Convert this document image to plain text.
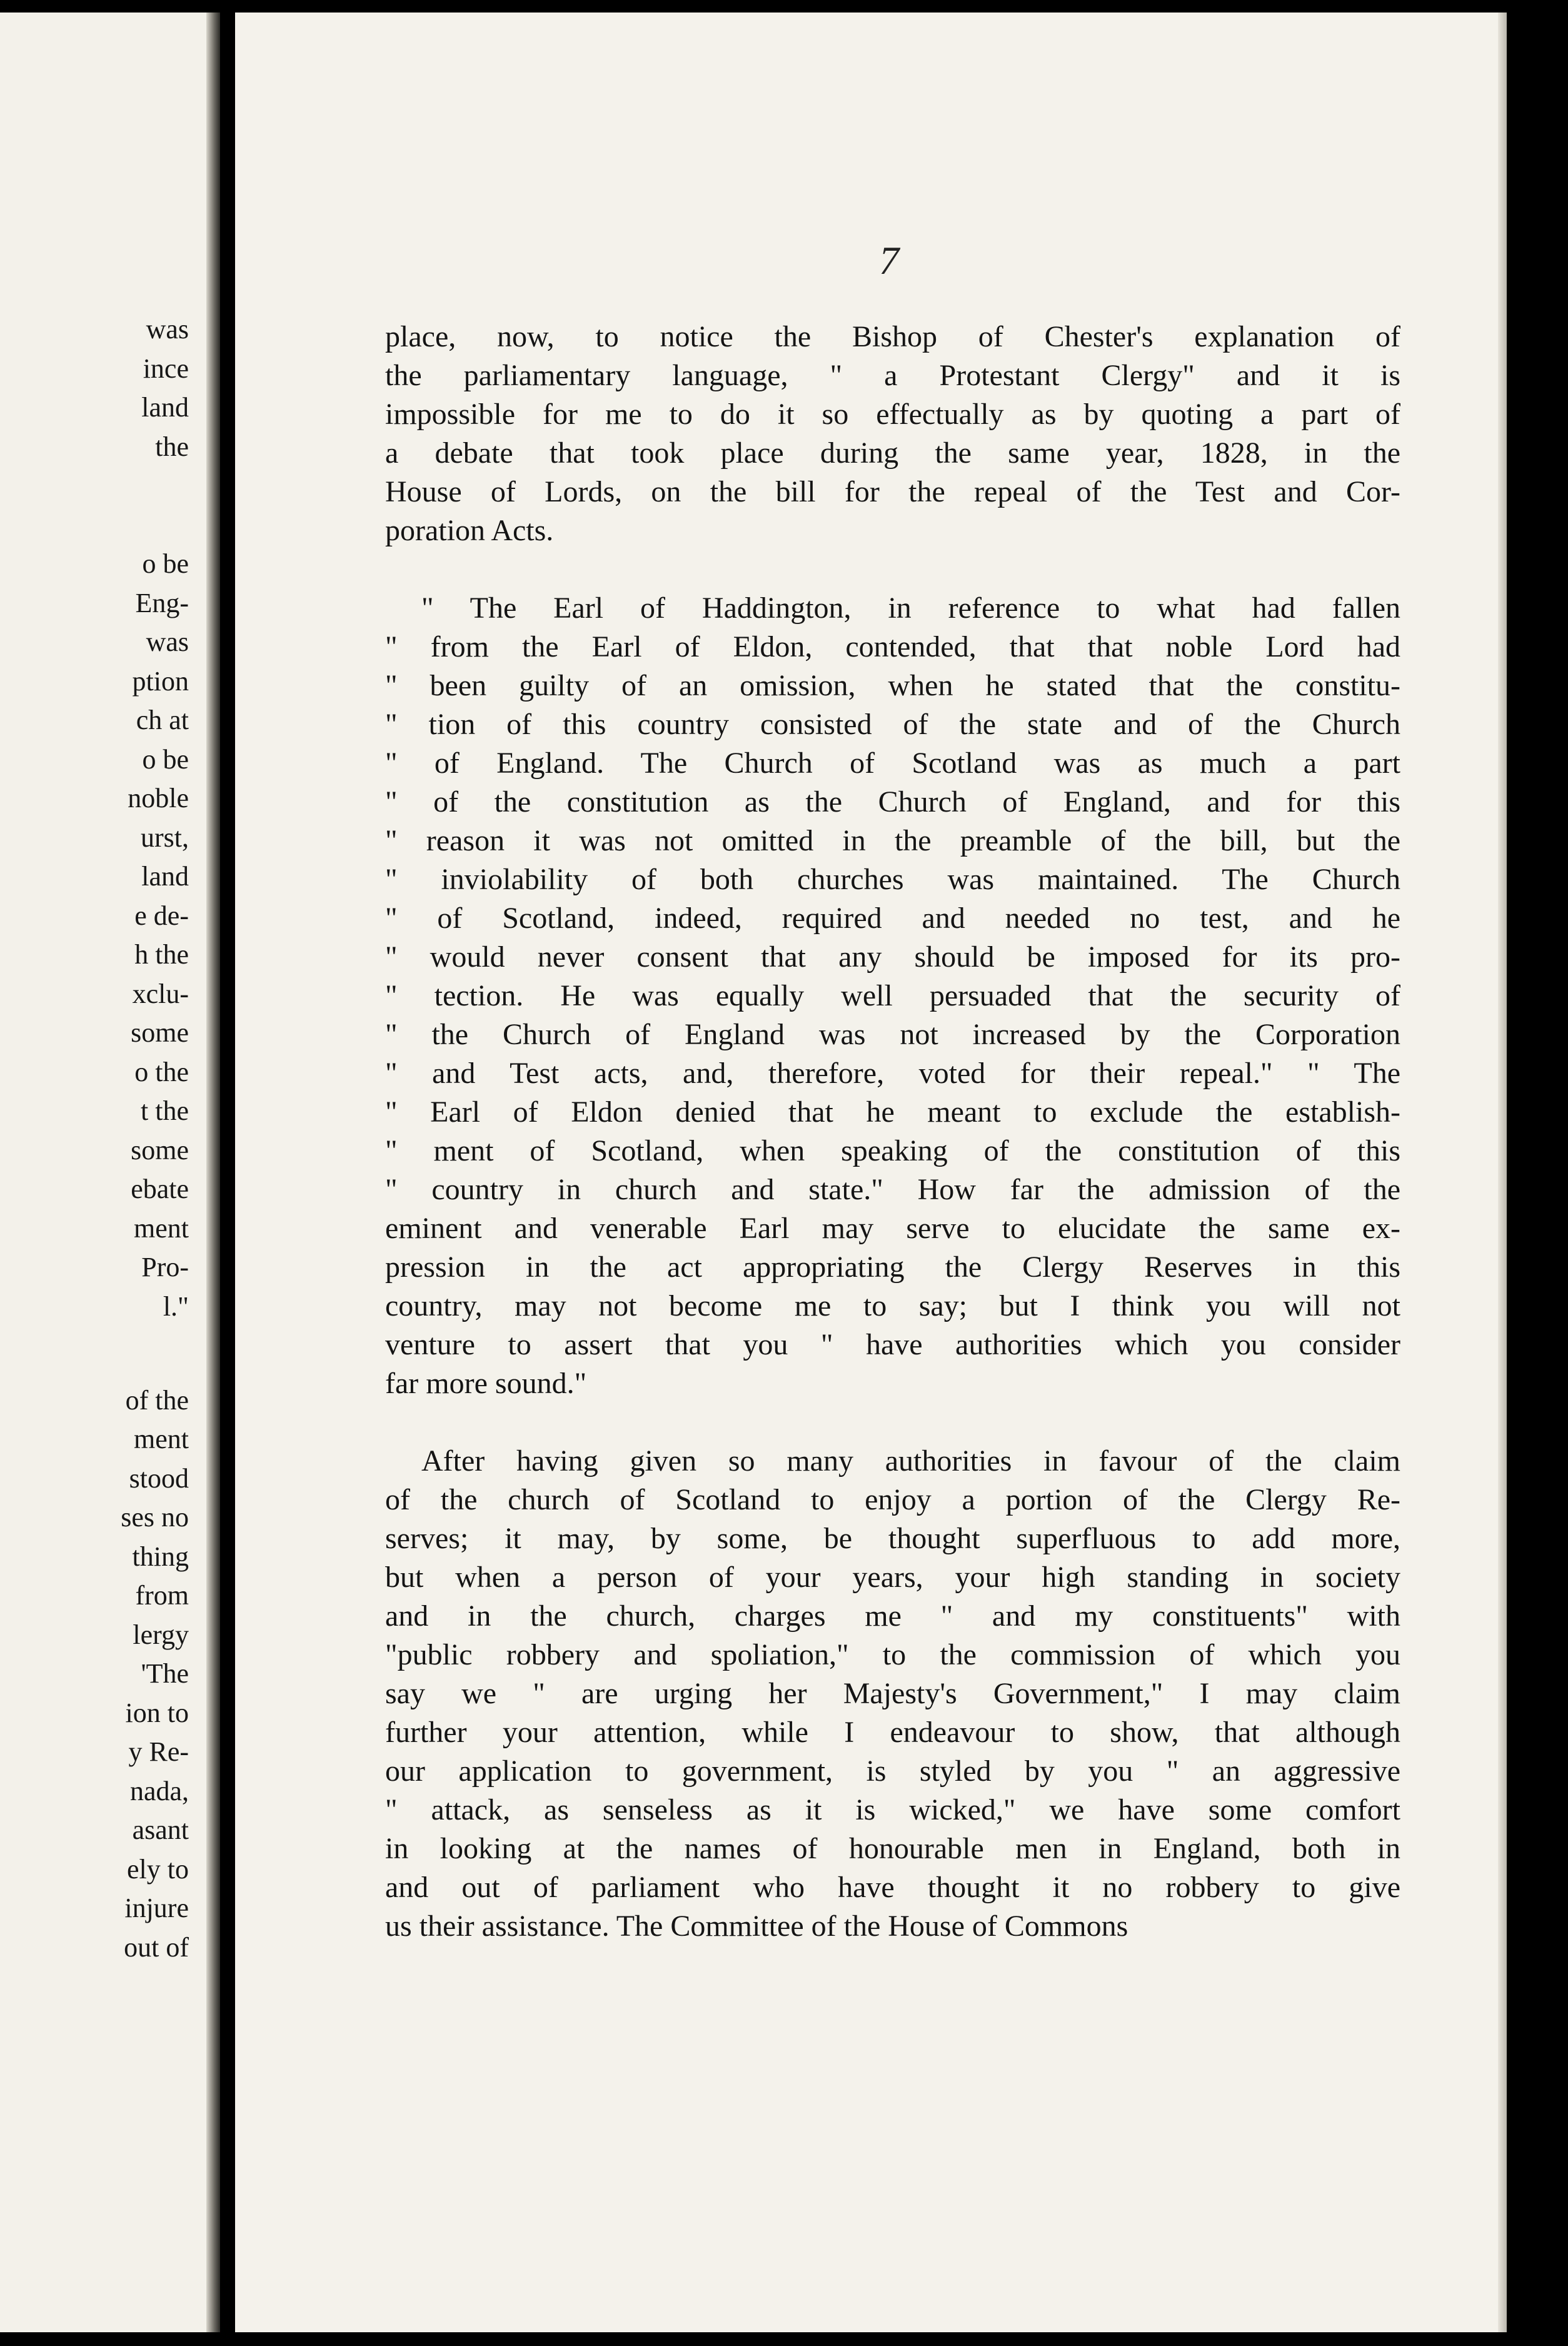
was
ince
land
the
o be
Eng-
was
ption
ch at
o be
noble
urst,
land
e de-
h the
xclu-
some
o the
t the
some
ebate
ment
Pro-
l."
of the
ment
stood
ses no
thing
from
lergy
'The
ion to
y Re-
nada,
asant
ely to
injure
out of
7
place, now, to notice the Bishop of Chester's explanation of
the parliamentary language, " a Protestant Clergy" and it is
impossible for me to do it so effectually as by quoting a part of
a debate that took place during the same year, 1828, in the
House of Lords, on the bill for the repeal of the Test and Cor-
poration Acts.
" The Earl of Haddington, in reference to what had fallen
" from the Earl of Eldon, contended, that that noble Lord had
" been guilty of an omission, when he stated that the constitu-
" tion of this country consisted of the state and of the Church
" of England. The Church of Scotland was as much a part
" of the constitution as the Church of England, and for this
" reason it was not omitted in the preamble of the bill, but the
" inviolability of both churches was maintained. The Church
" of Scotland, indeed, required and needed no test, and he
" would never consent that any should be imposed for its pro-
" tection. He was equally well persuaded that the security of
" the Church of England was not increased by the Corporation
" and Test acts, and, therefore, voted for their repeal." " The
" Earl of Eldon denied that he meant to exclude the establish-
" ment of Scotland, when speaking of the constitution of this
" country in church and state." How far the admission of the
eminent and venerable Earl may serve to elucidate the same ex-
pression in the act appropriating the Clergy Reserves in this
country, may not become me to say; but I think you will not
venture to assert that you " have authorities which you consider
far more sound."
After having given so many authorities in favour of the claim
of the church of Scotland to enjoy a portion of the Clergy Re-
serves; it may, by some, be thought superfluous to add more,
but when a person of your years, your high standing in society
and in the church, charges me " and my constituents" with
"public robbery and spoliation," to the commission of which you
say we " are urging her Majesty's Government," I may claim
further your attention, while I endeavour to show, that although
our application to government, is styled by you " an aggressive
" attack, as senseless as it is wicked," we have some comfort
in looking at the names of honourable men in England, both in
and out of parliament who have thought it no robbery to give
us their assistance. The Committee of the House of Commons
